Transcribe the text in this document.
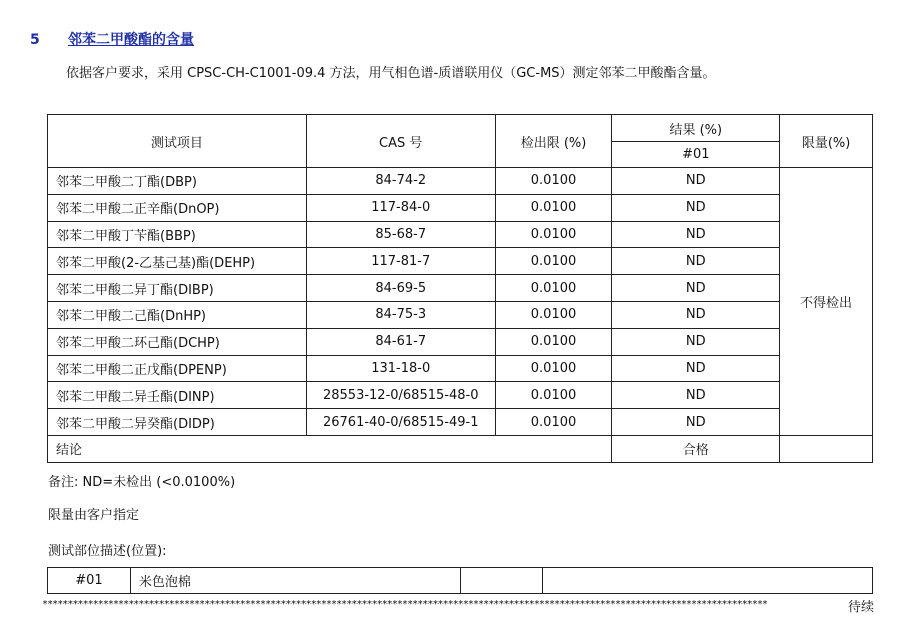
5 邻苯二甲酸酯的含量
依据客户要求，采用 CPSC-CH-C1001-09.4 方法，用气相色谱-质谱联用仪（GC-MS）测定邻苯二甲酸酯含量。
测试项目	CAS 号	检出限 (%)	结果 (%)	限量(%)
			#01	
邻苯二甲酸二丁酯(DBP)	84-74-2	0.0100	ND	不得检出
邻苯二甲酸二正辛酯(DnOP)	117-84-0	0.0100	ND	
邻苯二甲酸丁苄酯(BBP)	85-68-7	0.0100	ND	
邻苯二甲酸(2-乙基己基)酯(DEHP)	117-81-7	0.0100	ND	
邻苯二甲酸二异丁酯(DIBP)	84-69-5	0.0100	ND	
邻苯二甲酸二己酯(DnHP)	84-75-3	0.0100	ND	
邻苯二甲酸二环己酯(DCHP)	84-61-7	0.0100	ND	
邻苯二甲酸二正戊酯(DPENP)	131-18-0	0.0100	ND	
邻苯二甲酸二异壬酯(DINP)	28553-12-0/68515-48-0	0.0100	ND	
邻苯二甲酸二异癸酯(DIDP)	26761-40-0/68515-49-1	0.0100	ND	
结论			合格	
备注: ND=未检出 (<0.0100%)
限量由客户指定
测试部位描述(位置):
#01	米色泡棉		
***********************************************************************************************************************************************	待续
